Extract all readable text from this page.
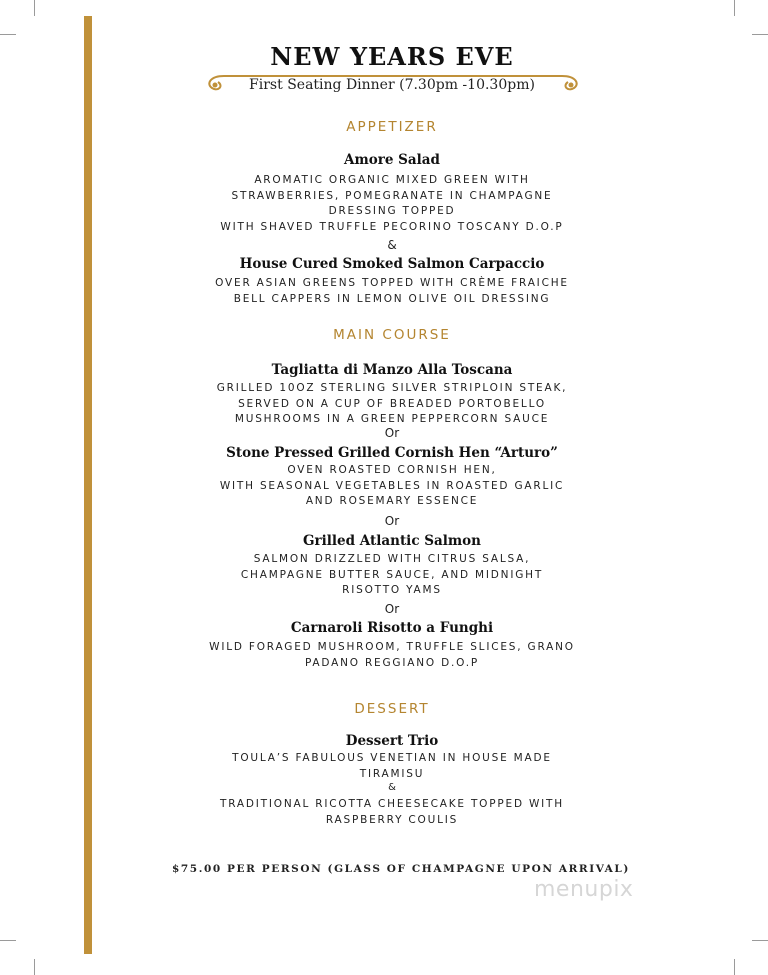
NEW YEARS EVE
First Seating Dinner (7.30pm -10.30pm)
APPETIZER
Amore Salad
AROMATIC ORGANIC MIXED GREEN WITH
STRAWBERRIES, POMEGRANATE IN CHAMPAGNE
DRESSING TOPPED
WITH SHAVED TRUFFLE PECORINO TOSCANY D.O.P
&
House Cured Smoked Salmon Carpaccio
OVER ASIAN GREENS TOPPED WITH CRÈME FRAICHE
BELL CAPPERS IN LEMON OLIVE OIL DRESSING
MAIN COURSE
Tagliatta di Manzo Alla Toscana
GRILLED 10OZ STERLING SILVER STRIPLOIN STEAK,
SERVED ON A CUP OF BREADED PORTOBELLO
MUSHROOMS IN A GREEN PEPPERCORN SAUCE
Or
Stone Pressed Grilled Cornish Hen “Arturo”
OVEN ROASTED CORNISH HEN,
WITH SEASONAL VEGETABLES IN ROASTED GARLIC
AND ROSEMARY ESSENCE
Or
Grilled Atlantic Salmon
SALMON DRIZZLED WITH CITRUS SALSA,
CHAMPAGNE BUTTER SAUCE, AND MIDNIGHT
RISOTTO YAMS
Or
Carnaroli Risotto a Funghi
WILD FORAGED MUSHROOM, TRUFFLE SLICES, GRANO
PADANO REGGIANO D.O.P
DESSERT
Dessert Trio
TOULA’S FABULOUS VENETIAN IN HOUSE MADE
TIRAMISU
&
TRADITIONAL RICOTTA CHEESECAKE TOPPED WITH
RASPBERRY COULIS
$75.00 PER PERSON (GLASS OF CHAMPAGNE UPON ARRIVAL)
menupix
